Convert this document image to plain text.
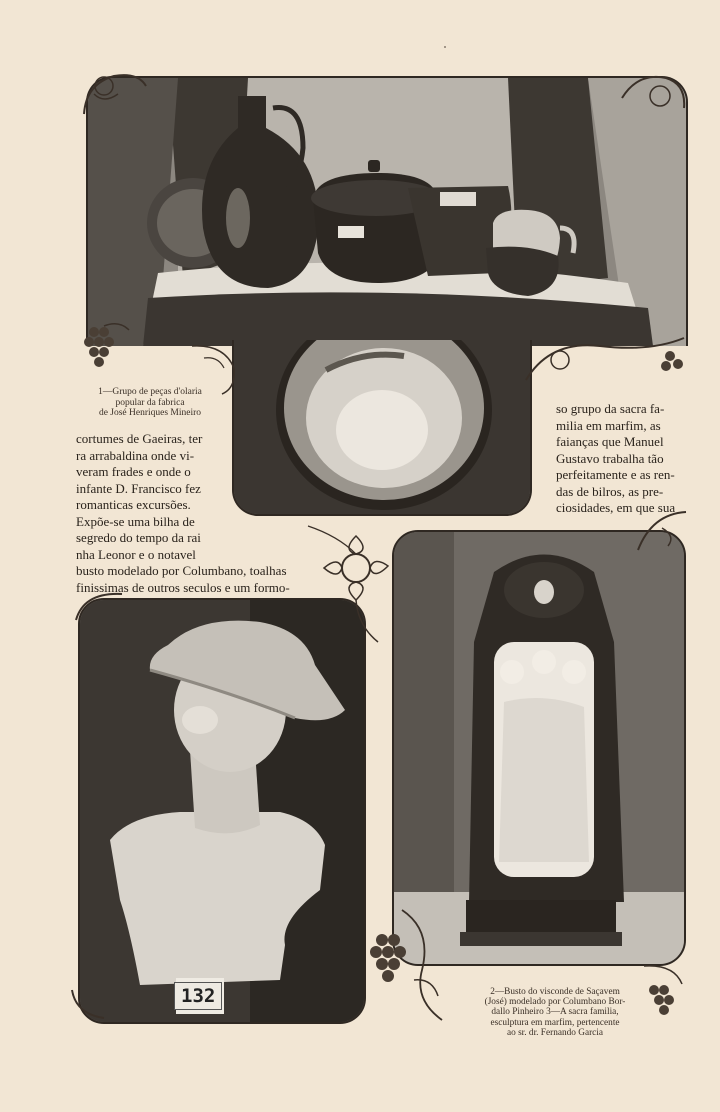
1—Grupo de peças d'olaria
popular da fabrica
de José Henriques Mineiro
cortumes de Gaeiras, ter
ra arrabaldina onde vi-
veram frades e onde o
infante D. Francisco fez
romanticas excursões.
Expõe-se uma bilha de
segredo do tempo da rai
nha Leonor e o notavel
busto modelado por Columbano, toalhas
finissimas de outros seculos e um formo-
so grupo da sacra fa-
milia em marfim, as
faianças que Manuel
Gustavo trabalha tão
perfeitamente e as ren-
das de bilros, as pre-
ciosidades, em que sua
132	2—Busto do visconde de Saçavem
(José) modelado por Columbano Bor-
dallo Pinheiro 3—A sacra familia,
esculptura em marfim, pertencente
ao sr. dr. Fernando Garcia
